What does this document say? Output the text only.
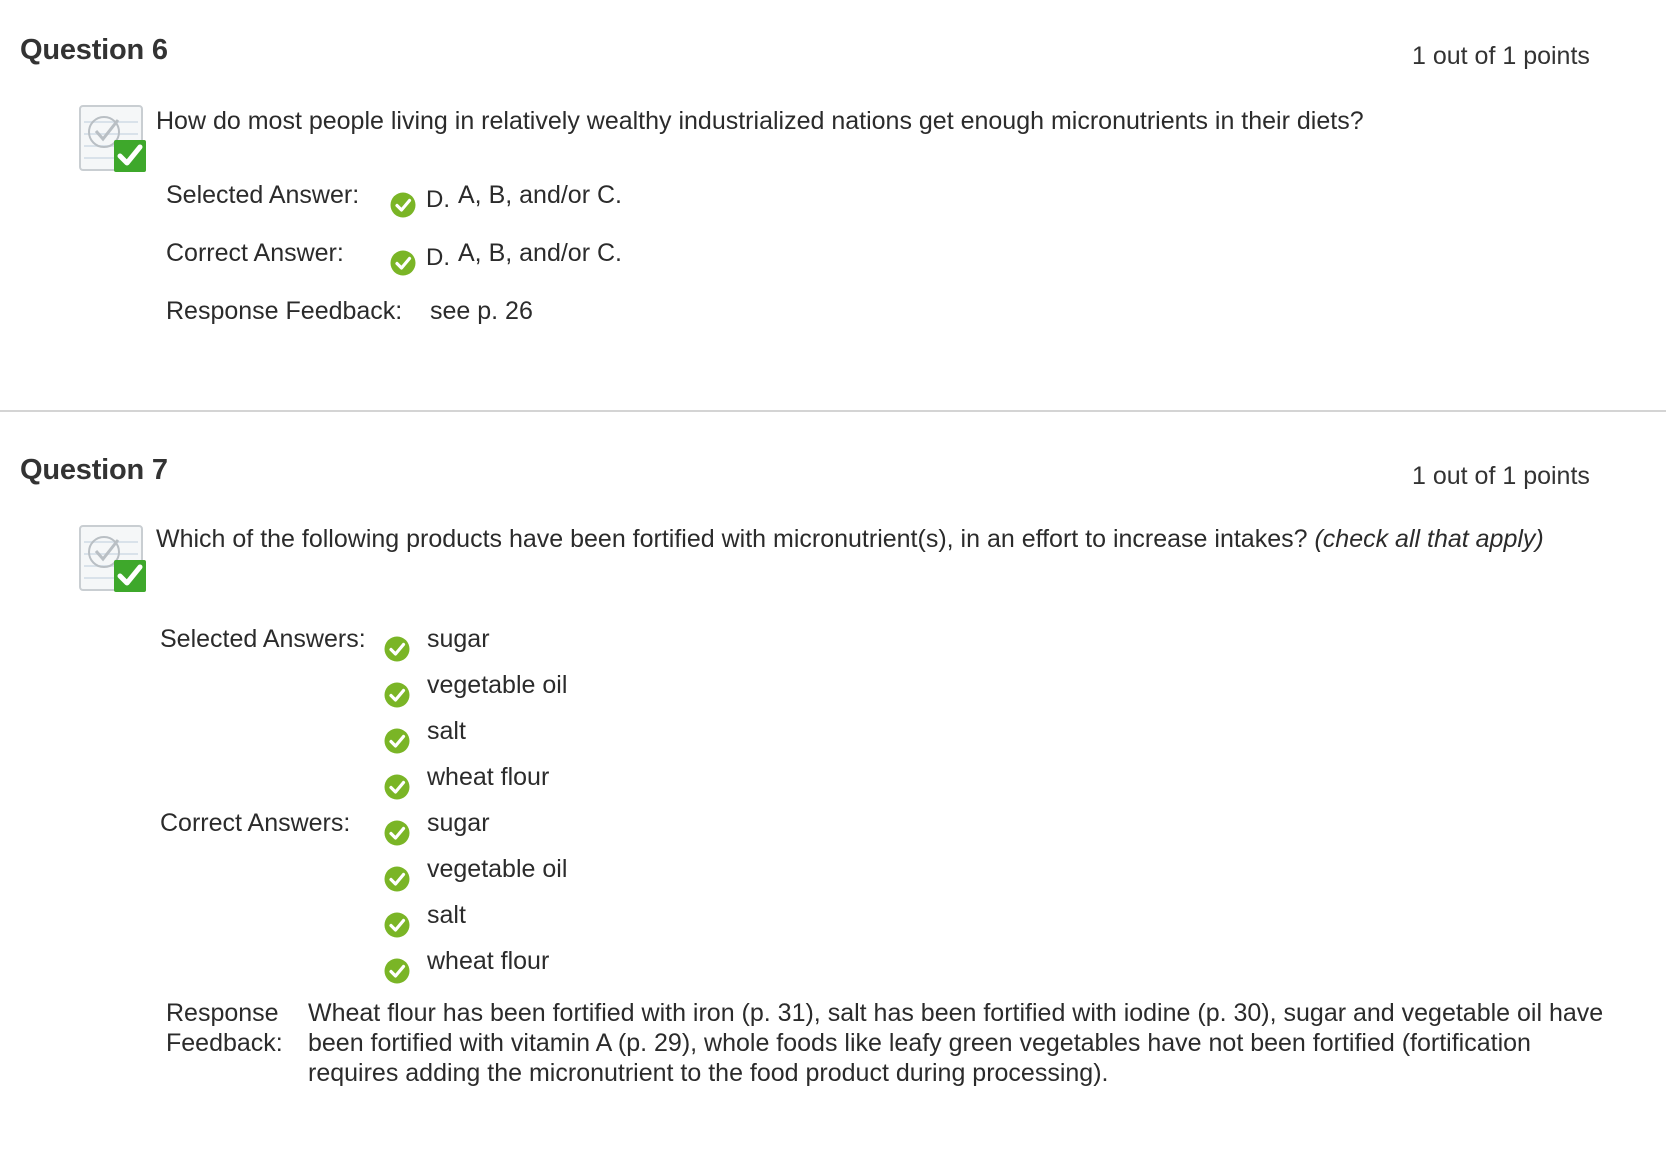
Question 6	1 out of 1 points
How do most people living in relatively wealthy industrialized nations get enough micronutrients in their diets?
Selected Answer:	D. A, B, and/or C.
Correct Answer:	D. A, B, and/or C.
Response Feedback: see p. 26
Question 7	1 out of 1 points
Which of the following products have been fortified with micronutrient(s), in an effort to increase intakes? (check all that apply)
Selected Answers: sugar
vegetable oil
salt
wheat flour
Correct Answers:	sugar
vegetable oil
salt
wheat flour
Response
Feedback:
Wheat flour has been fortified with iron (p. 31), salt has been fortified with iodine (p. 30), sugar and vegetable oil have been fortified with vitamin A (p. 29), whole foods like leafy green vegetables have not been fortified (fortification requires adding the micronutrient to the food product during processing).
